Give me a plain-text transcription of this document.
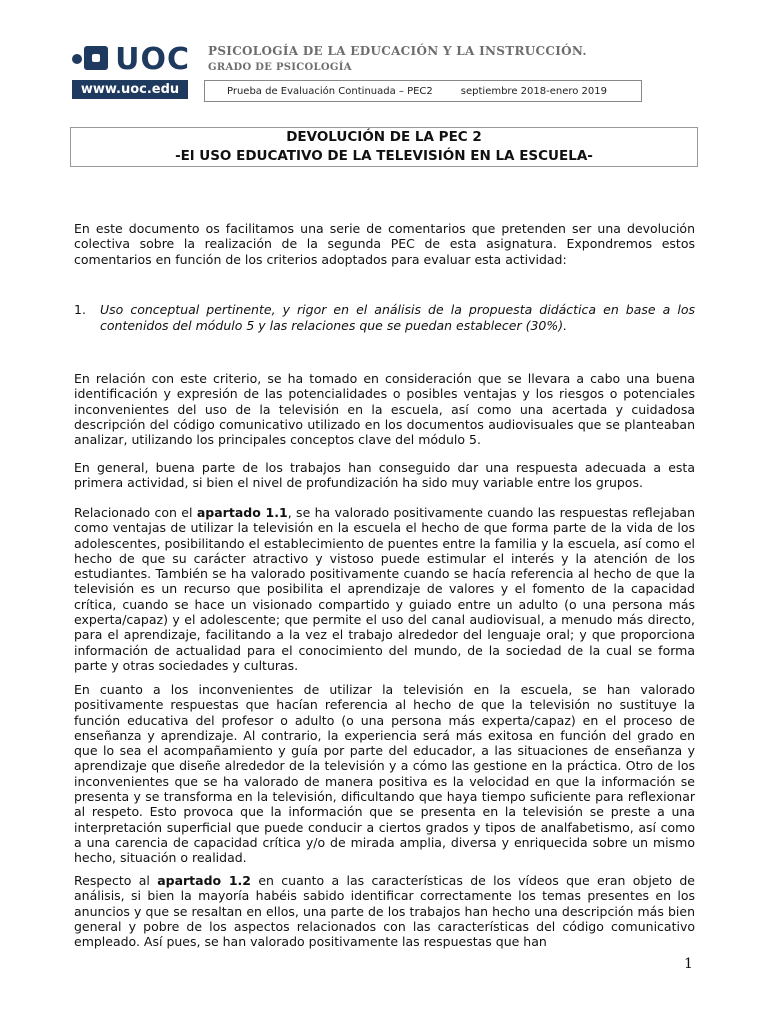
UOC
www.uoc.edu
PSICOLOGÍA DE LA EDUCACIÓN Y LA INSTRUCCIÓN.
GRADO DE PSICOLOGÍA
Prueba de Evaluación Continuada – PEC2	septiembre 2018-enero 2019
DEVOLUCIÓN DE LA PEC 2
-El USO EDUCATIVO DE LA TELEVISIÓN EN LA ESCUELA-
En este documento os facilitamos una serie de comentarios que pretenden ser una devolución colectiva sobre la realización de la segunda PEC de esta asignatura. Expondremos estos comentarios en función de los criterios adoptados para evaluar esta actividad:
1.	Uso conceptual pertinente, y rigor en el análisis de la propuesta didáctica en base a los contenidos del módulo 5 y las relaciones que se puedan establecer (30%).
En relación con este criterio, se ha tomado en consideración que se llevara a cabo una buena identificación y expresión de las potencialidades o posibles ventajas y los riesgos o potenciales inconvenientes del uso de la televisión en la escuela, así como una acertada y cuidadosa descripción del código comunicativo utilizado en los documentos audiovisuales que se planteaban analizar, utilizando los principales conceptos clave del módulo 5.
En general, buena parte de los trabajos han conseguido dar una respuesta adecuada a esta primera actividad, si bien el nivel de profundización ha sido muy variable entre los grupos.
Relacionado con el apartado 1.1, se ha valorado positivamente cuando las respuestas reflejaban como ventajas de utilizar la televisión en la escuela el hecho de que forma parte de la vida de los adolescentes, posibilitando el establecimiento de puentes entre la familia y la escuela, así como el hecho de que su carácter atractivo y vistoso puede estimular el interés y la atención de los estudiantes. También se ha valorado positivamente cuando se hacía referencia al hecho de que la televisión es un recurso que posibilita el aprendizaje de valores y el fomento de la capacidad crítica, cuando se hace un visionado compartido y guiado entre un adulto (o una persona más experta/capaz) y el adolescente; que permite el uso del canal audiovisual, a menudo más directo, para el aprendizaje, facilitando a la vez el trabajo alrededor del lenguaje oral; y que proporciona información de actualidad para el conocimiento del mundo, de la sociedad de la cual se forma parte y otras sociedades y culturas.
En cuanto a los inconvenientes de utilizar la televisión en la escuela, se han valorado positivamente respuestas que hacían referencia al hecho de que la televisión no sustituye la función educativa del profesor o adulto (o una persona más experta/capaz) en el proceso de enseñanza y aprendizaje. Al contrario, la experiencia será más exitosa en función del grado en que lo sea el acompañamiento y guía por parte del educador, a las situaciones de enseñanza y aprendizaje que diseñe alrededor de la televisión y a cómo las gestione en la práctica. Otro de los inconvenientes que se ha valorado de manera positiva es la velocidad en que la información se presenta y se transforma en la televisión, dificultando que haya tiempo suficiente para reflexionar al respeto. Esto provoca que la información que se presenta en la televisión se preste a una interpretación superficial que puede conducir a ciertos grados y tipos de analfabetismo, así como a una carencia de capacidad crítica y/o de mirada amplia, diversa y enriquecida sobre un mismo hecho, situación o realidad.
Respecto al apartado 1.2 en cuanto a las características de los vídeos que eran objeto de análisis, si bien la mayoría habéis sabido identificar correctamente los temas presentes en los anuncios y que se resaltan en ellos, una parte de los trabajos han hecho una descripción más bien general y pobre de los aspectos relacionados con las características del código comunicativo empleado. Así pues, se han valorado positivamente las respuestas que han
1
